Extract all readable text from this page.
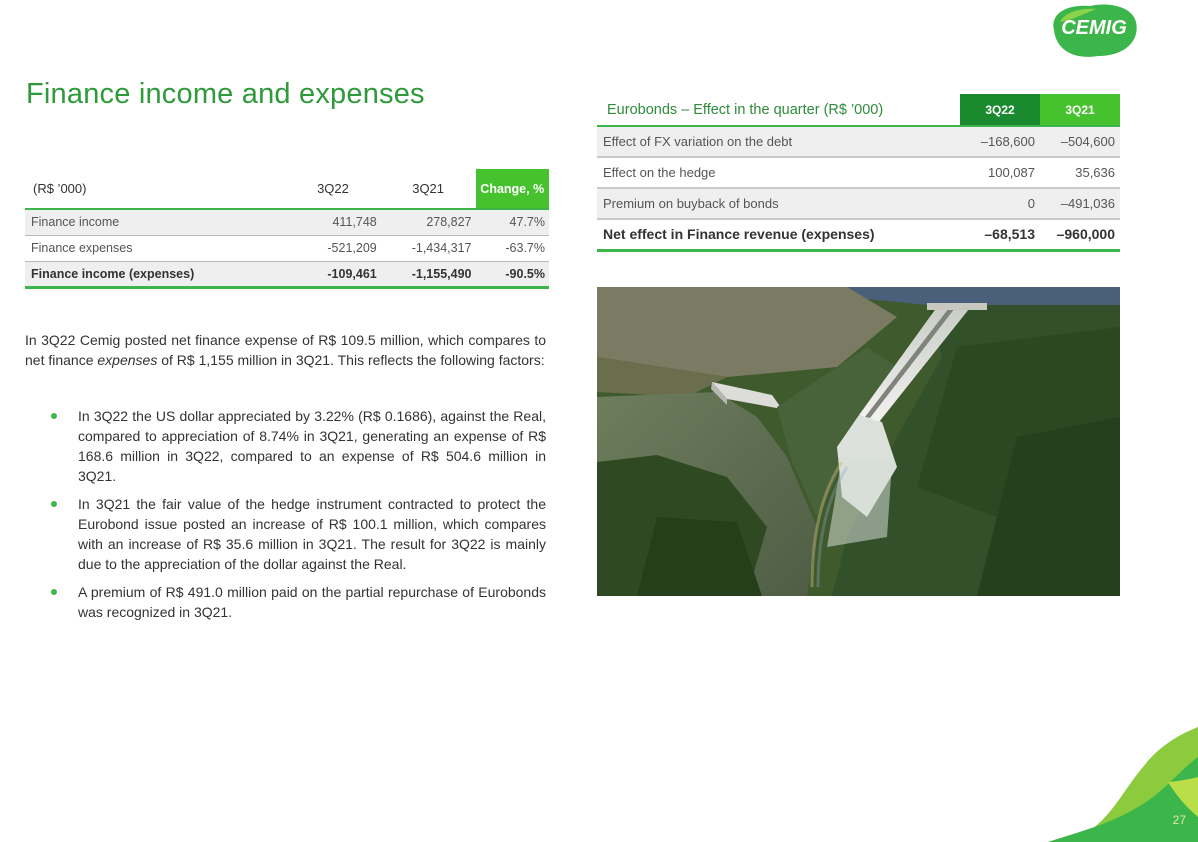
CEMIG
Finance income and expenses
(R$ ’000)	3Q22	3Q21	Change, %
Finance income	411,748	278,827	47.7%
Finance expenses	-521,209	-1,434,317	-63.7%
Finance income (expenses)	-109,461	-1,155,490	-90.5%

In 3Q22 Cemig posted net finance expense of R$ 109.5 million, which compares to net finance expenses of R$ 1,155 million in 3Q21. This reflects the following factors:

In 3Q22 the US dollar appreciated by 3.22% (R$ 0.1686), against the Real, compared to appreciation of 8.74% in 3Q21, generating an expense of R$ 168.6 million in 3Q22, compared to an expense of R$ 504.6 million in 3Q21.
In 3Q21 the fair value of the hedge instrument contracted to protect the Eurobond issue posted an increase of R$ 100.1 million, which compares with an increase of R$ 35.6 million in 3Q21. The result for 3Q22 is mainly due to the appreciation of the dollar against the Real.
A premium of R$ 491.0 million paid on the partial repurchase of Eurobonds was recognized in 3Q21.
Eurobonds – Effect in the quarter (R$ ’000)	3Q22	3Q21
Effect of FX variation on the debt	–168,600	–504,600
Effect on the hedge	100,087	35,636
Premium on buyback of bonds	0	–491,036
Net effect in Finance revenue (expenses)	–68,513	–960,000
27
